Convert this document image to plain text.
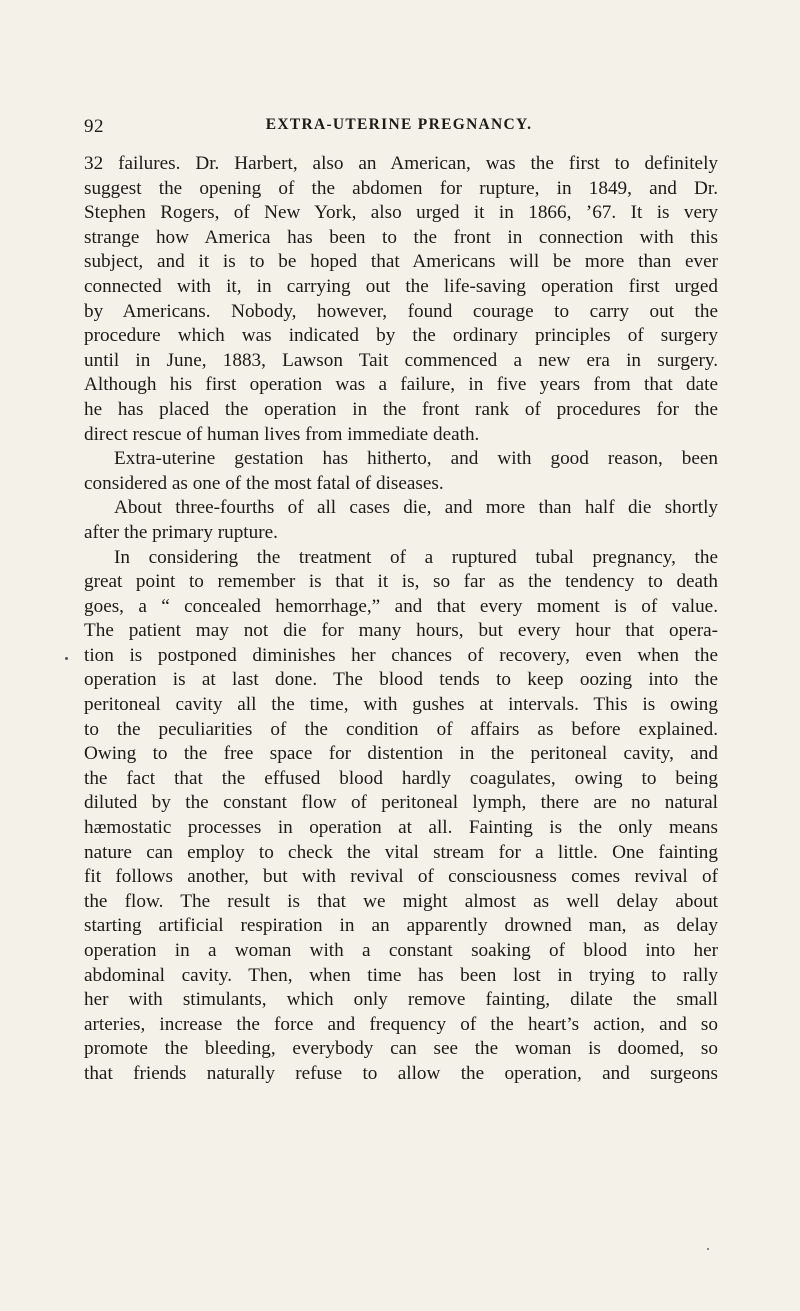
92	EXTRA-UTERINE PREGNANCY.
32 failures. Dr. Harbert, also an American, was the first to definitely
suggest the opening of the abdomen for rupture, in 1849, and Dr.
Stephen Rogers, of New York, also urged it in 1866, ’67. It is very
strange how America has been to the front in connection with this
subject, and it is to be hoped that Americans will be more than ever
connected with it, in carrying out the life-saving operation first urged
by Americans. Nobody, however, found courage to carry out the
procedure which was indicated by the ordinary principles of surgery
until in June, 1883, Lawson Tait commenced a new era in surgery.
Although his first operation was a failure, in five years from that date
he has placed the operation in the front rank of procedures for the
direct rescue of human lives from immediate death.
Extra-uterine gestation has hitherto, and with good reason, been
considered as one of the most fatal of diseases.
About three-fourths of all cases die, and more than half die shortly
after the primary rupture.
In considering the treatment of a ruptured tubal pregnancy, the
great point to remember is that it is, so far as the tendency to death
goes, a “ concealed hemorrhage,” and that every moment is of value.
The patient may not die for many hours, but every hour that opera-
tion is postponed diminishes her chances of recovery, even when the
operation is at last done. The blood tends to keep oozing into the
peritoneal cavity all the time, with gushes at intervals. This is owing
to the peculiarities of the condition of affairs as before explained.
Owing to the free space for distention in the peritoneal cavity, and
the fact that the effused blood hardly coagulates, owing to being
diluted by the constant flow of peritoneal lymph, there are no natural
hæmostatic processes in operation at all. Fainting is the only means
nature can employ to check the vital stream for a little. One fainting
fit follows another, but with revival of consciousness comes revival of
the flow. The result is that we might almost as well delay about
starting artificial respiration in an apparently drowned man, as delay
operation in a woman with a constant soaking of blood into her
abdominal cavity. Then, when time has been lost in trying to rally
her with stimulants, which only remove fainting, dilate the small
arteries, increase the force and frequency of the heart’s action, and so
promote the bleeding, everybody can see the woman is doomed, so
that friends naturally refuse to allow the operation, and surgeons
